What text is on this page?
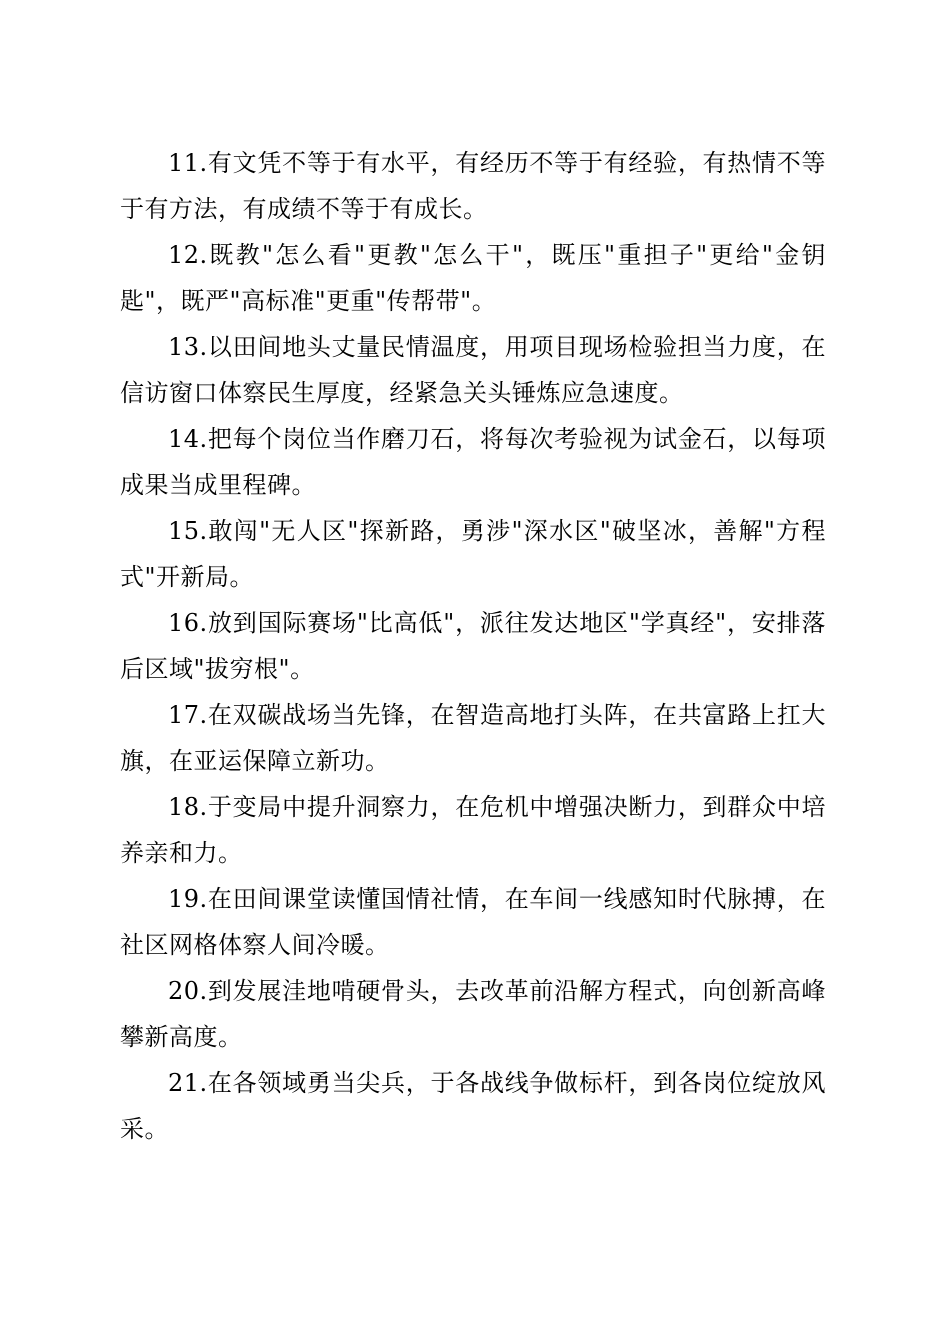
11.有文凭不等于有水平，有经历不等于有经验，有热情不等于有方法，有成绩不等于有成长。

12.既教"怎么看"更教"怎么干"，既压"重担子"更给"金钥匙"，既严"高标准"更重"传帮带"。

13.以田间地头丈量民情温度，用项目现场检验担当力度，在信访窗口体察民生厚度，经紧急关头锤炼应急速度。

14.把每个岗位当作磨刀石，将每次考验视为试金石，以每项成果当成里程碑。

15.敢闯"无人区"探新路，勇涉"深水区"破坚冰，善解"方程式"开新局。

16.放到国际赛场"比高低"，派往发达地区"学真经"，安排落后区域"拔穷根"。

17.在双碳战场当先锋，在智造高地打头阵，在共富路上扛大旗，在亚运保障立新功。

18.于变局中提升洞察力，在危机中增强决断力，到群众中培养亲和力。

19.在田间课堂读懂国情社情，在车间一线感知时代脉搏，在社区网格体察人间冷暖。

20.到发展洼地啃硬骨头，去改革前沿解方程式，向创新高峰攀新高度。

21.在各领域勇当尖兵，于各战线争做标杆，到各岗位绽放风采。
